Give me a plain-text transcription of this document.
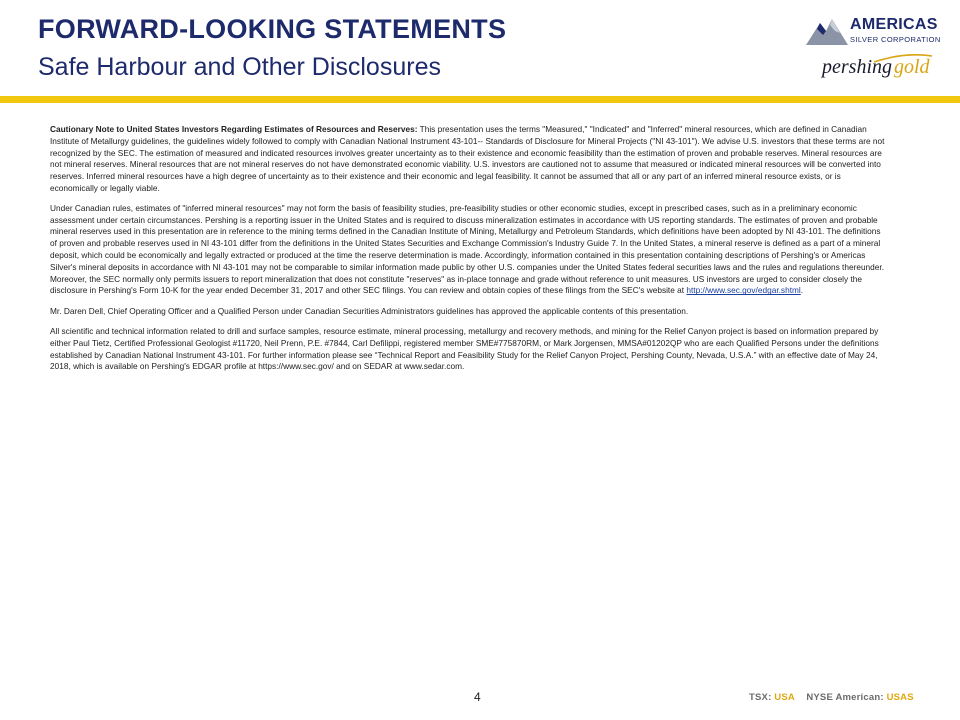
FORWARD-LOOKING STATEMENTS
Safe Harbour and Other Disclosures
AMERICAS
SILVER CORPORATION
pershing gold

Cautionary Note to United States Investors Regarding Estimates of Resources and Reserves: This presentation uses the terms "Measured," "Indicated" and "Inferred" mineral resources, which are defined in Canadian Institute of Metallurgy guidelines, the guidelines widely followed to comply with Canadian National Instrument 43-101-- Standards of Disclosure for Mineral Projects ("NI 43-101"). We advise U.S. investors that these terms are not recognized by the SEC. The estimation of measured and indicated resources involves greater uncertainty as to their existence and economic feasibility than the estimation of proven and probable reserves. Mineral resources are not mineral reserves. Mineral resources that are not mineral reserves do not have demonstrated economic viability. U.S. investors are cautioned not to assume that measured or indicated mineral resources will be converted into reserves. Inferred mineral resources have a high degree of uncertainty as to their existence and their economic and legal feasibility. It cannot be assumed that all or any part of an inferred mineral resource exists, or is economically or legally viable.

Under Canadian rules, estimates of "inferred mineral resources" may not form the basis of feasibility studies, pre-feasibility studies or other economic studies, except in prescribed cases, such as in a preliminary economic assessment under certain circumstances. Pershing is a reporting issuer in the United States and is required to discuss mineralization estimates in accordance with US reporting standards. The estimates of proven and probable mineral reserves used in this presentation are in reference to the mining terms defined in the Canadian Institute of Mining, Metallurgy and Petroleum Standards, which definitions have been adopted by NI 43-101. The definitions of proven and probable reserves used in NI 43-101 differ from the definitions in the United States Securities and Exchange Commission's Industry Guide 7. In the United States, a mineral reserve is defined as a part of a mineral deposit, which could be economically and legally extracted or produced at the time the reserve determination is made. Accordingly, information contained in this presentation containing descriptions of Pershing's or Americas Silver's mineral deposits in accordance with NI 43-101 may not be comparable to similar information made public by other U.S. companies under the United States federal securities laws and the rules and regulations thereunder. Moreover, the SEC normally only permits issuers to report mineralization that does not constitute "reserves" as in-place tonnage and grade without reference to unit measures. US investors are urged to consider closely the disclosure in Pershing's Form 10-K for the year ended December 31, 2017 and other SEC filings. You can review and obtain copies of these filings from the SEC's website at http://www.sec.gov/edgar.shtml.

Mr. Daren Dell, Chief Operating Officer and a Qualified Person under Canadian Securities Administrators guidelines has approved the applicable contents of this presentation.

All scientific and technical information related to drill and surface samples, resource estimate, mineral processing, metallurgy and recovery methods, and mining for the Relief Canyon project is based on information prepared by either Paul Tietz, Certified Professional Geologist #11720, Neil Prenn, P.E. #7844, Carl Defilippi, registered member SME#775870RM, or Mark Jorgensen, MMSA#01202QP who are each Qualified Persons under the definitions established by Canadian National Instrument 43-101. For further information please see “Technical Report and Feasibility Study for the Relief Canyon Project, Pershing County, Nevada, U.S.A.” with an effective date of May 24, 2018, which is available on Pershing's EDGAR profile at https://www.sec.gov/ and on SEDAR at www.sedar.com.

4	TSX: USA NYSE American: USAS
